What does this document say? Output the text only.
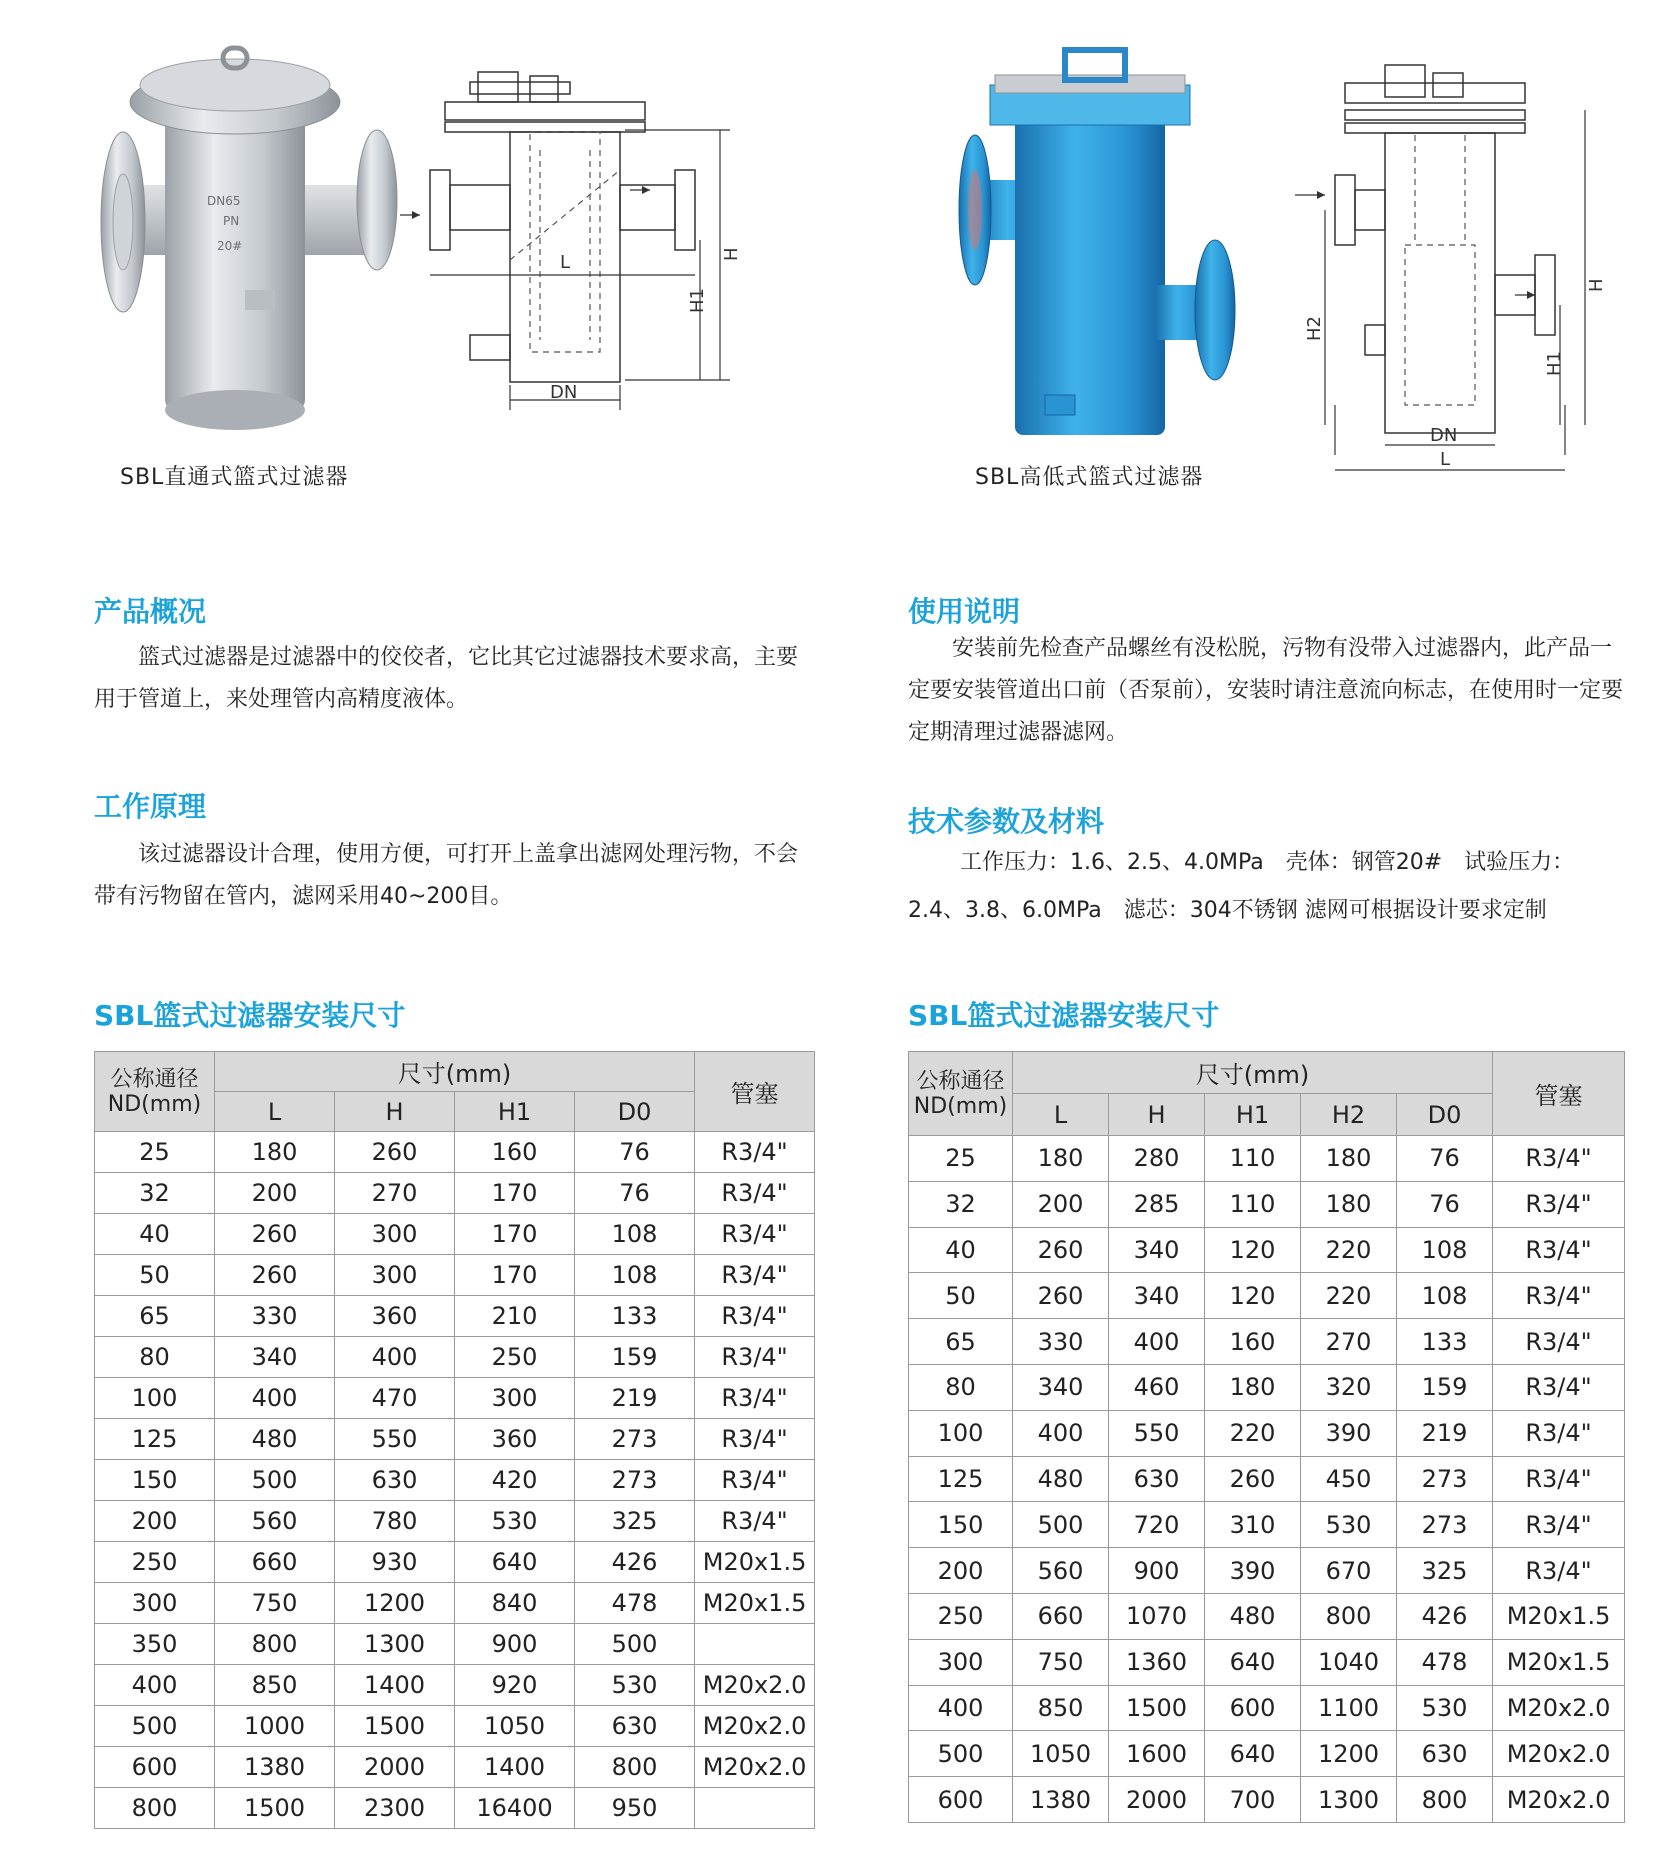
DN65
PN
20#
L
DN
H1
H
SBL直通式篮式过滤器
DN
L
H2
H1
H
SBL高低式篮式过滤器
产品概况
篮式过滤器是过滤器中的佼佼者，它比其它过滤器技术要求高，主要用于管道上，来处理管内高精度液体。
工作原理
该过滤器设计合理，使用方便，可打开上盖拿出滤网处理污物，不会带有污物留在管内，滤网采用40~200目。
使用说明
安装前先检查产品螺丝有没松脱，污物有没带入过滤器内，此产品一定要安装管道出口前（否泵前），安装时请注意流向标志，在使用时一定要定期清理过滤器滤网。
技术参数及材料
工作压力：1.6、2.5、4.0MPa　壳体：钢管20#　试验压力：
2.4、3.8、6.0MPa　滤芯：304不锈钢 滤网可根据设计要求定制
SBL篮式过滤器安装尺寸	SBL篮式过滤器安装尺寸
公称通径
ND(mm)	尺寸(mm)				管塞
	L	H	H1	D0	
25	180	260	160	76	R3/4"
32	200	270	170	76	R3/4"
40	260	300	170	108	R3/4"
50	260	300	170	108	R3/4"
65	330	360	210	133	R3/4"
80	340	400	250	159	R3/4"
100	400	470	300	219	R3/4"
125	480	550	360	273	R3/4"
150	500	630	420	273	R3/4"
200	560	780	530	325	R3/4"
250	660	930	640	426	M20x1.5
300	750	1200	840	478	M20x1.5
350	800	1300	900	500	
400	850	1400	920	530	M20x2.0
500	1000	1500	1050	630	M20x2.0
600	1380	2000	1400	800	M20x2.0
800	1500	2300	16400	950	
公称通径
ND(mm)	尺寸(mm)					管塞
	L	H	H1	H2	D0	
25	180	280	110	180	76	R3/4"
32	200	285	110	180	76	R3/4"
40	260	340	120	220	108	R3/4"
50	260	340	120	220	108	R3/4"
65	330	400	160	270	133	R3/4"
80	340	460	180	320	159	R3/4"
100	400	550	220	390	219	R3/4"
125	480	630	260	450	273	R3/4"
150	500	720	310	530	273	R3/4"
200	560	900	390	670	325	R3/4"
250	660	1070	480	800	426	M20x1.5
300	750	1360	640	1040	478	M20x1.5
400	850	1500	600	1100	530	M20x2.0
500	1050	1600	640	1200	630	M20x2.0
600	1380	2000	700	1300	800	M20x2.0
